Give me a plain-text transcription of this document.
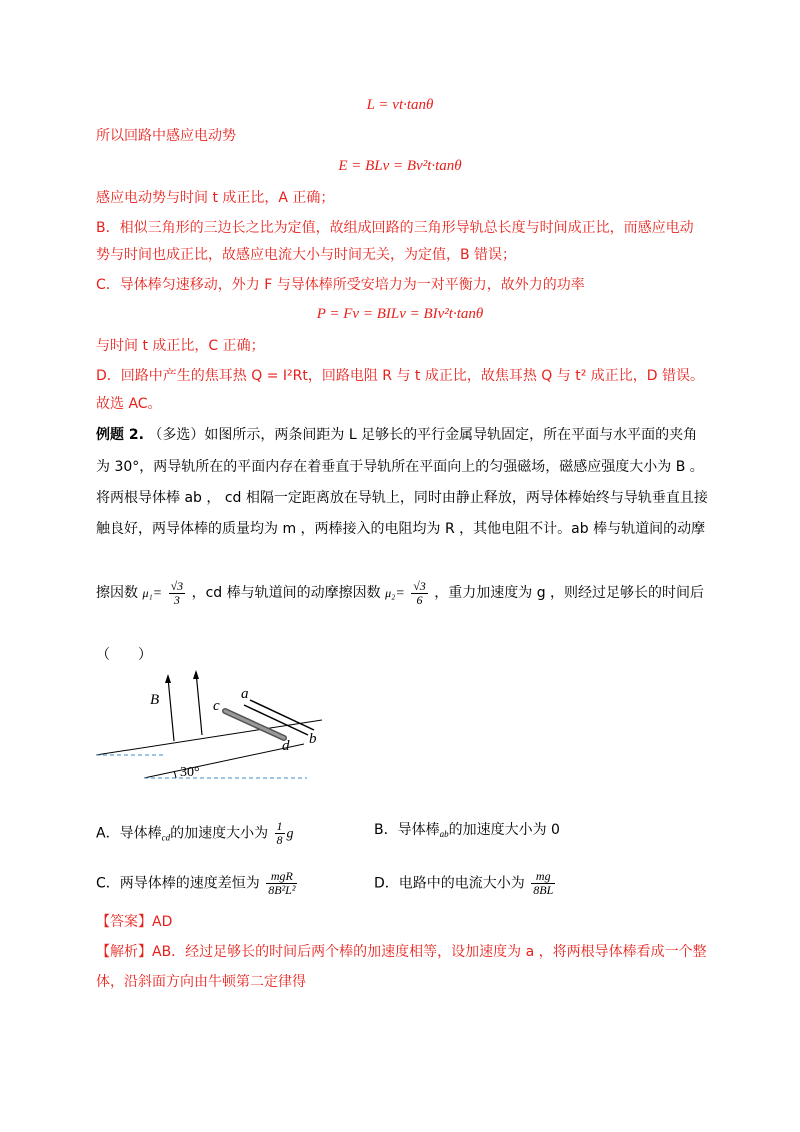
L = vt·tanθ
所以回路中感应电动势
E = BLv = Bv²t·tanθ
感应电动势与时间 t 成正比，A 正确；
B．相似三角形的三边长之比为定值，故组成回路的三角形导轨总长度与时间成正比，而感应电动
势与时间也成正比，故感应电流大小与时间无关，为定值，B 错误；
C．导体棒匀速移动，外力 F 与导体棒所受安培力为一对平衡力，故外力的功率
P = Fv = BILv = BIv²t·tanθ
与时间 t 成正比，C 正确；
D．回路中产生的焦耳热 Q = I²Rt，回路电阻 R 与 t 成正比，故焦耳热 Q 与 t² 成正比，D 错误。
故选 AC。
例题 2. （多选）如图所示，两条间距为 L 足够长的平行金属导轨固定，所在平面与水平面的夹角
为 30°，两导轨所在的平面内存在着垂直于导轨所在平面向上的匀强磁场，磁感应强度大小为 B 。
将两根导体棒 ab ， cd 相隔一定距离放在导轨上，同时由静止释放，两导体棒始终与导轨垂直且接
触良好，两导体棒的质量均为 m ，两棒接入的电阻均为 R ，其他电阻不计。ab 棒与轨道间的动摩
擦因数 $\mu_1= \frac{√3}{3}$ ，cd 棒与轨道间的动摩擦因数 $\mu_2= \frac{√3}{6}$ ，重力加速度为 g ，则经过足够长的时间后
（　　）
B	a
b
c
d
30°
A．导体棒$_{cd}$的加速度大小为 $\frac{1}{8}$ g	B．导体棒$_{ab}$的加速度大小为 0
C．两导体棒的速度差恒为 $\frac{\text{mgR}}{\text{8B²L²}}$	D．电路中的电流大小为 $\frac{mg}{8BL}$
【答案】AD
【解析】AB．经过足够长的时间后两个棒的加速度相等，设加速度为 a ，将两根导体棒看成一个整
体，沿斜面方向由牛顿第二定律得
